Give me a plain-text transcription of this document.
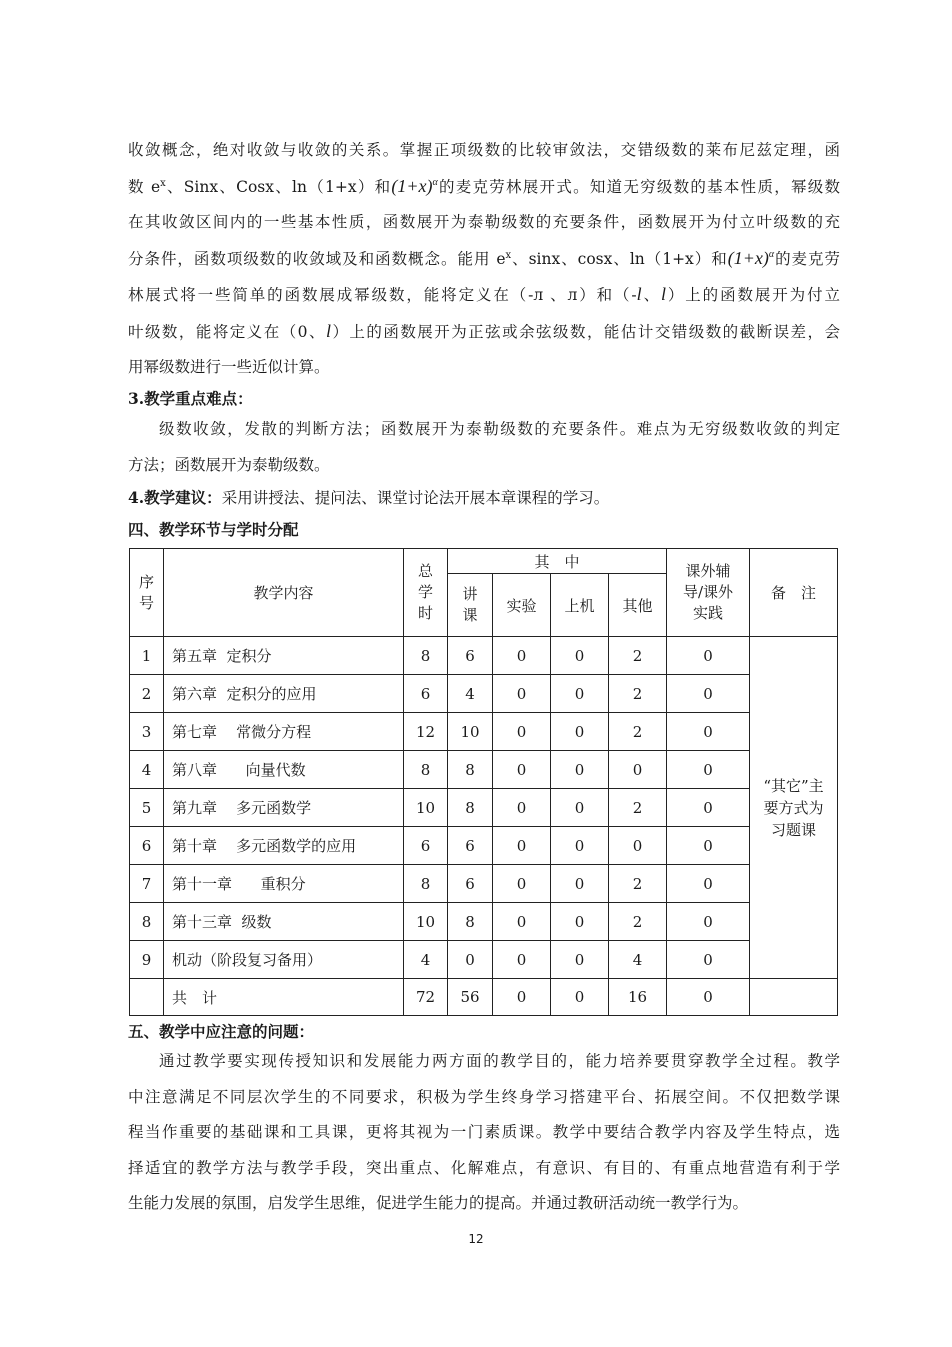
收敛概念，绝对收敛与收敛的关系。掌握正项级数的比较审敛法，交错级数的莱布尼兹定理，函
数 $e^x$、Sinx、Cosx、ln（1+x）和$(1+x)^\alpha$的麦克劳林展开式。知道无穷级数的基本性质，幂级数
在其收敛区间内的一些基本性质，函数展开为泰勒级数的充要条件，函数展开为付立叶级数的充
分条件，函数项级数的收敛域及和函数概念。能用 $e^x$、sinx、cosx、ln（1+x）和$(1+x)^\alpha$的麦克劳
林展式将一些简单的函数展成幂级数，能将定义在（-л 、л）和（-l、l）上的函数展开为付立
叶级数，能将定义在（0、l）上的函数展开为正弦或余弦级数，能估计交错级数的截断误差，会
用幂级数进行一些近似计算。
3.教学重点难点：
级数收敛，发散的判断方法；函数展开为泰勒级数的充要条件。难点为无穷级数收敛的判定
方法；函数展开为泰勒级数。
4.教学建议：采用讲授法、提问法、课堂讨论法开展本章课程的学习。
四、教学环节与学时分配
序号	教学内容	总学时	其　中				课外辅导/课外实践	备　注

			讲课	实验	上机	其他		
1	第五章  定积分	8	6	0	0	2	0	“其它”主要方式为习题课

2	第六章  定积分的应用	6	4	0	0	2	0	
3	第七章    常微分方程	12	10	0	0	2	0	
4	第八章      向量代数	8	8	0	0	0	0	
5	第九章    多元函数学	10	8	0	0	2	0	
6	第十章    多元函数学的应用	6	6	0	0	0	0	
7	第十一章      重积分	8	6	0	0	2	0	
8	第十三章  级数	10	8	0	0	2	0	
9	机动（阶段复习备用）	4	0	0	0	4	0	
	共　计	72	56	0	0	16	0	
五、教学中应注意的问题：
通过教学要实现传授知识和发展能力两方面的教学目的，能力培养要贯穿教学全过程。教学
中注意满足不同层次学生的不同要求，积极为学生终身学习搭建平台、拓展空间。不仅把数学课
程当作重要的基础课和工具课，更将其视为一门素质课。教学中要结合教学内容及学生特点，选
择适宜的教学方法与教学手段，突出重点、化解难点，有意识、有目的、有重点地营造有利于学
生能力发展的氛围，启发学生思维，促进学生能力的提高。并通过教研活动统一教学行为。
12
